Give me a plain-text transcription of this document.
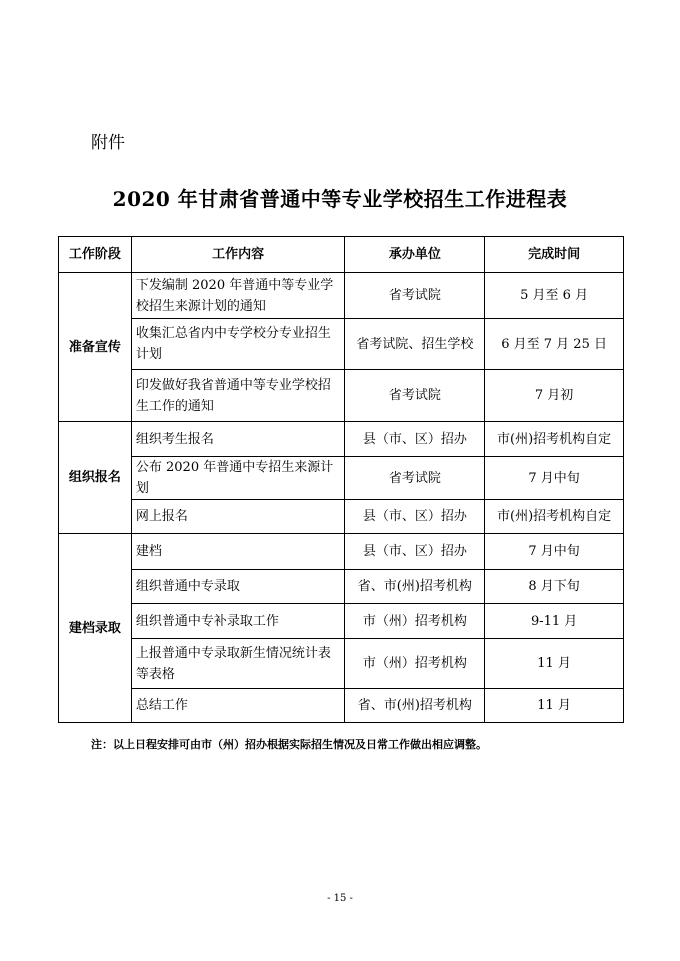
附件
2020 年甘肃省普通中等专业学校招生工作进程表
工作阶段	工作内容	承办单位	完成时间
准备宣传	下发编制 2020 年普通中等专业学校招生来源计划的通知	省考试院	5 月至 6 月
	收集汇总省内中专学校分专业招生计划	省考试院、招生学校	6 月至 7 月 25 日
	印发做好我省普通中等专业学校招生工作的通知	省考试院	7 月初
组织报名	组织考生报名	县（市、区）招办	市(州)招考机构自定
	公布 2020 年普通中专招生来源计划	省考试院	7 月中旬
	网上报名	县（市、区）招办	市(州)招考机构自定
建档录取	建档	县（市、区）招办	7 月中旬
	组织普通中专录取	省、市(州)招考机构	8 月下旬
	组织普通中专补录取工作	市（州）招考机构	9-11 月
	上报普通中专录取新生情况统计表等表格	市（州）招考机构	11 月
	总结工作	省、市(州)招考机构	11 月
注：以上日程安排可由市（州）招办根据实际招生情况及日常工作做出相应调整。
- 15 -
